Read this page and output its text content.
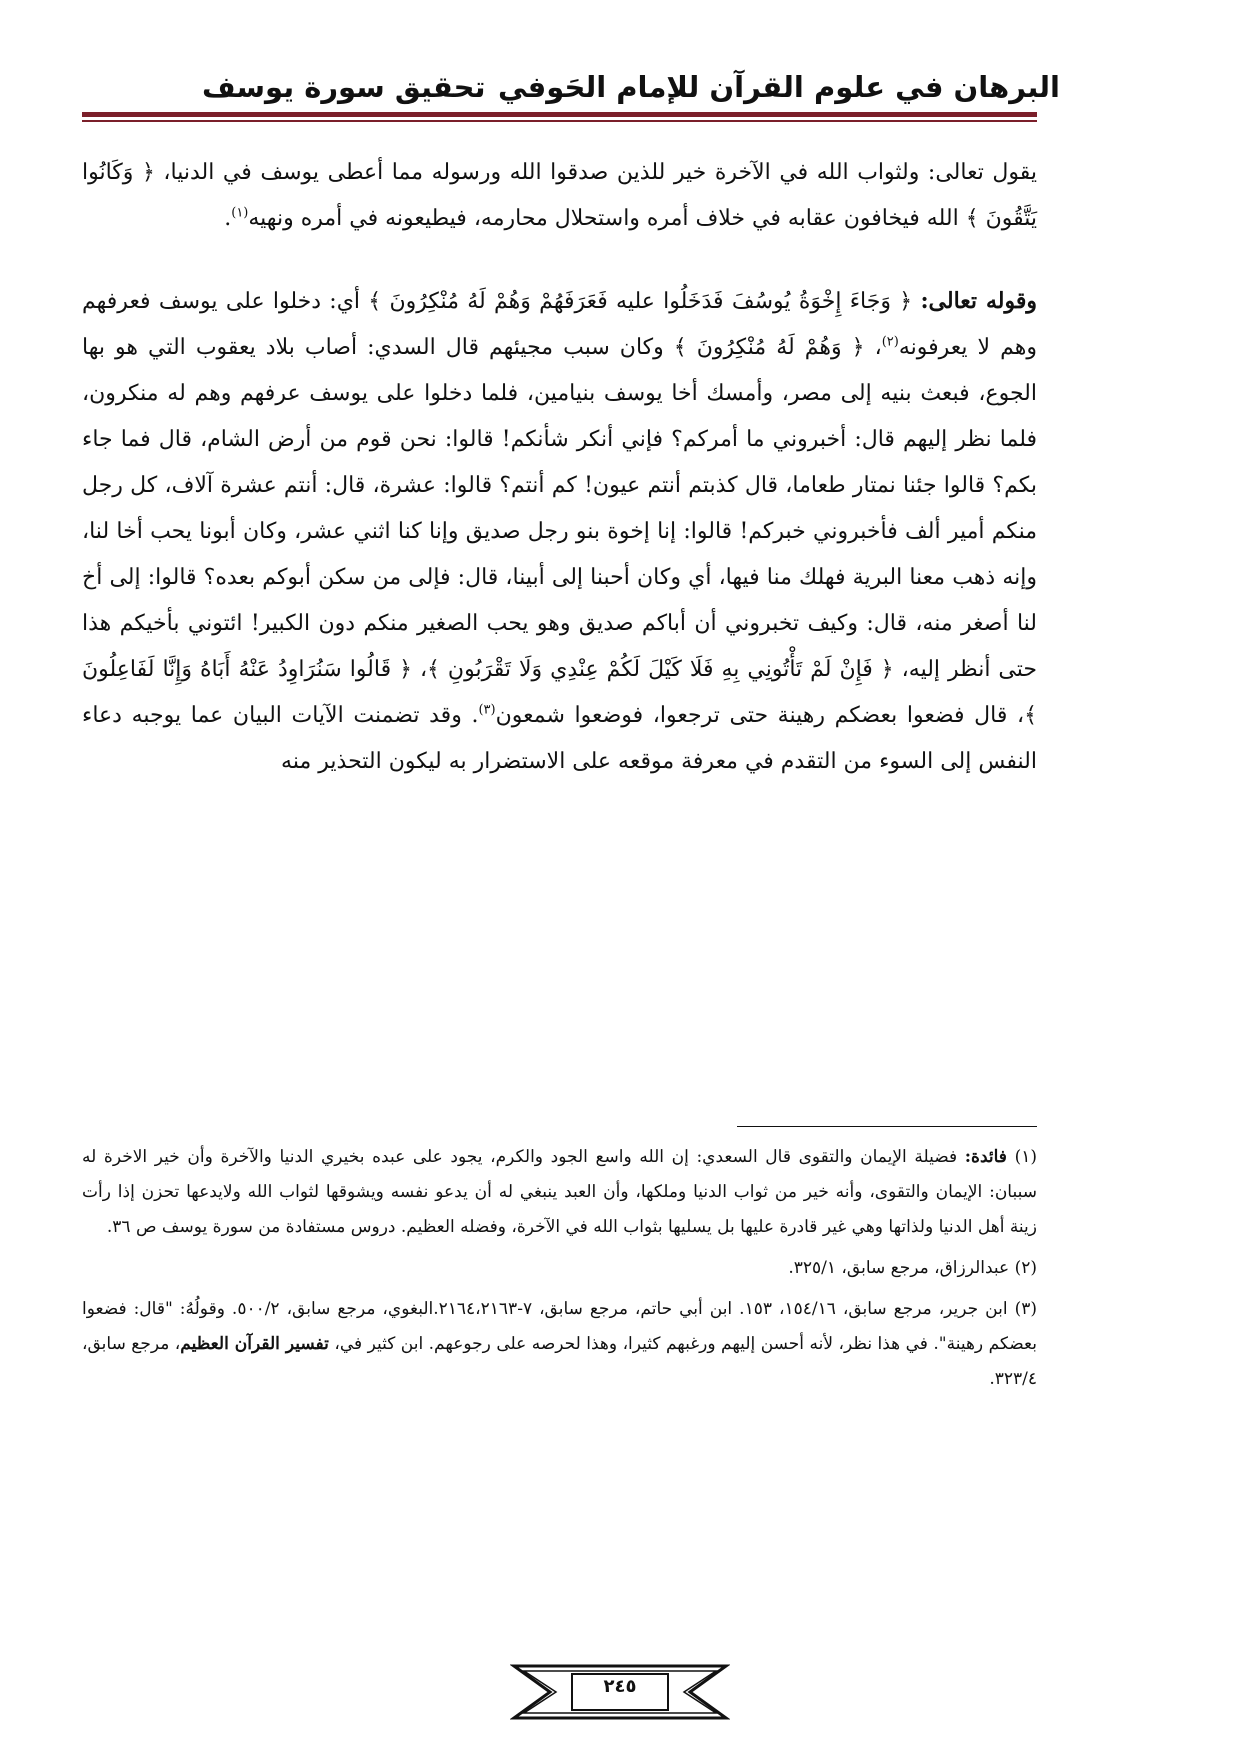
البرهان في علوم القرآن للإمام الحَوفي
تحقيق سورة يوسف

يقول تعالى: ولثواب الله في الآخرة خير للذين صدقوا الله ورسوله مما أعطى يوسف في الدنيا، ﴿ وَكَانُوا يَتَّقُونَ ﴾ الله فيخافون عقابه في خلاف أمره واستحلال محارمه، فيطيعونه في أمره ونهيه$^{(١)}$.

وقوله تعالى: ﴿ وَجَاءَ إِخْوَةُ يُوسُفَ فَدَخَلُوا عليه فَعَرَفَهُمْ وَهُمْ لَهُ مُنْكِرُونَ ﴾ أي: دخلوا على يوسف فعرفهم وهم لا يعرفونه$^{(٢)}$، ﴿ وَهُمْ لَهُ مُنْكِرُونَ ﴾ وكان سبب مجيئهم قال السدي: أصاب بلاد يعقوب التي هو بها الجوع، فبعث بنيه إلى مصر، وأمسك أخا يوسف بنيامين، فلما دخلوا على يوسف عرفهم وهم له منكرون، فلما نظر إليهم قال: أخبروني ما أمركم؟ فإني أنكر شأنكم! قالوا: نحن قوم من أرض الشام، قال فما جاء بكم؟ قالوا جئنا نمتار طعاما، قال كذبتم أنتم عيون! كم أنتم؟ قالوا: عشرة، قال: أنتم عشرة آلاف، كل رجل منكم أمير ألف فأخبروني خبركم! قالوا: إنا إخوة بنو رجل صديق وإنا كنا اثني عشر، وكان أبونا يحب أخا لنا، وإنه ذهب معنا البرية فهلك منا فيها، أي وكان أحبنا إلى أبينا، قال: فإلى من سكن أبوكم بعده؟ قالوا: إلى أخ لنا أصغر منه، قال: وكيف تخبروني أن أباكم صديق وهو يحب الصغير منكم دون الكبير! ائتوني بأخيكم هذا حتى أنظر إليه، ﴿ فَإِنْ لَمْ تَأْتُونِي بِهِ فَلَا كَيْلَ لَكُمْ عِنْدِي وَلَا تَقْرَبُونِ ﴾، ﴿ قَالُوا سَنُرَاوِدُ عَنْهُ أَبَاهُ وَإِنَّا لَفَاعِلُونَ ﴾، قال فضعوا بعضكم رهينة حتى ترجعوا، فوضعوا شمعون$^{(٣)}$. وقد تضمنت الآيات البيان عما يوجبه دعاء النفس إلى السوء من التقدم في معرفة موقعه على الاستضرار به ليكون التحذير منه

(١) فائدة: فضيلة الإيمان والتقوى قال السعدي: إن الله واسع الجود والكرم، يجود على عبده بخيري الدنيا والآخرة وأن خير الاخرة له سببان: الإيمان والتقوى، وأنه خير من ثواب الدنيا وملكها، وأن العبد ينبغي له أن يدعو نفسه ويشوقها لثواب الله ولايدعها تحزن إذا رأت زينة أهل الدنيا ولذاتها وهي غير قادرة عليها بل يسليها بثواب الله في الآخرة، وفضله العظيم. دروس مستفادة من سورة يوسف ص ٣٦.

(٢) عبدالرزاق، مرجع سابق، ٣٢٥/١.

(٣) ابن جرير، مرجع سابق، ١٥٤/١٦، ١٥٣. ابن أبي حاتم، مرجع سابق، ٧-٢١٦٤،٢١٦٣.البغوي، مرجع سابق، ٥٠٠/٢. وقولُهُ: "قال: فضعوا بعضكم رهينة". في هذا نظر، لأنه أحسن إليهم ورغبهم كثيرا، وهذا لحرصه على رجوعهم. ابن كثير في، تفسير القرآن العظيم، مرجع سابق، ٣٢٣/٤.

٢٤٥
